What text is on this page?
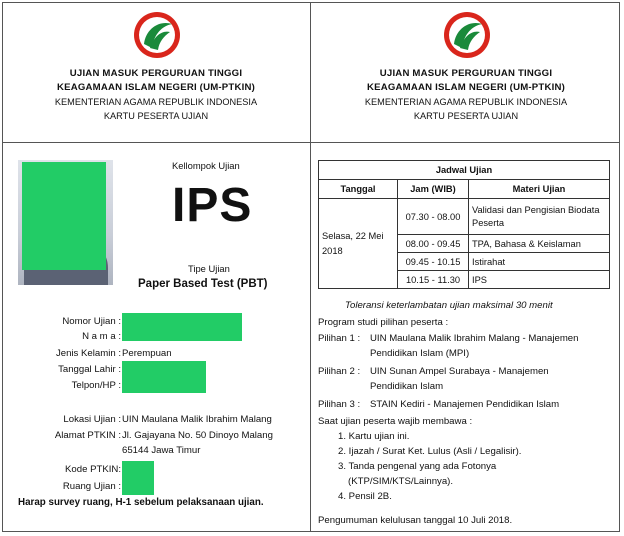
UJIAN MASUK PERGURUAN TINGGI
KEAGAMAAN ISLAM NEGERI (UM-PTKIN)
KEMENTERIAN AGAMA REPUBLIK INDONESIA
KARTU PESERTA UJIAN
UJIAN MASUK PERGURUAN TINGGI
KEAGAMAAN ISLAM NEGERI (UM-PTKIN)
KEMENTERIAN AGAMA REPUBLIK INDONESIA
KARTU PESERTA UJIAN
Kellompok Ujian
IPS
Tipe Ujian
Paper Based Test (PBT)
Nomor Ujian :
N a m a :
Jenis Kelamin : Perempuan
Tanggal Lahir :
Telpon/HP :
Lokasi Ujian : UIN Maulana Malik Ibrahim Malang
Alamat PTKIN : Jl. Gajayana No. 50 Dinoyo Malang
65144 Jawa Timur
Kode PTKIN:
Ruang Ujian :
Harap survey ruang, H-1 sebelum pelaksanaan ujian.
Jadwal Ujian		
Tanggal	Jam (WIB)	Materi Ujian
Selasa, 22 Mei 2018	07.30 - 08.00	Validasi dan Pengisian Biodata Peserta
	08.00 - 09.45	TPA, Bahasa & Keislaman
	09.45 - 10.15	Istirahat
	10.15 - 11.30	IPS
Toleransi keterlambatan ujian maksimal 30 menit
Program studi pilihan peserta :
Pilihan 1 : UIN Maulana Malik Ibrahim Malang - Manajemen
Pendidikan Islam (MPI)
Pilihan 2 : UIN Sunan Ampel Surabaya - Manajemen
Pendidikan Islam
Pilihan 3 : STAIN Kediri - Manajemen Pendidikan Islam
Saat ujian peserta wajib membawa :
1. Kartu ujian ini.
2. Ijazah / Surat Ket. Lulus (Asli / Legalisir).
3. Tanda pengenal yang ada Fotonya
(KTP/SIM/KTS/Lainnya).
4. Pensil 2B.
Pengumuman kelulusan tanggal 10 Juli 2018.
